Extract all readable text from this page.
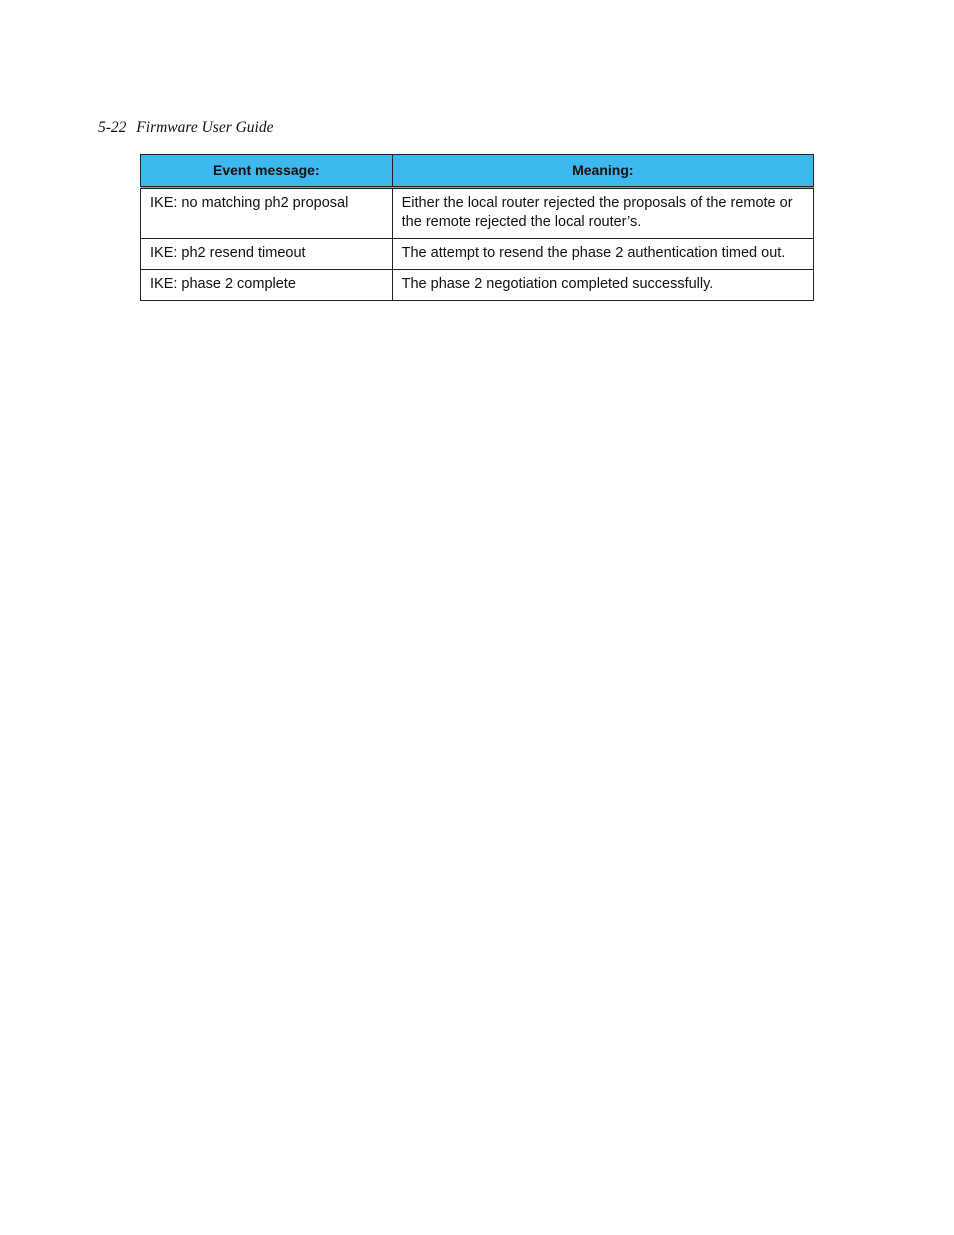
5-22 Firmware User Guide
Event message:	Meaning:
IKE: no matching ph2 proposal	Either the local router rejected the proposals of the remote or the remote rejected the local router’s.
IKE: ph2 resend timeout	The attempt to resend the phase 2 authentication timed out.
IKE: phase 2 complete	The phase 2 negotiation completed successfully.
